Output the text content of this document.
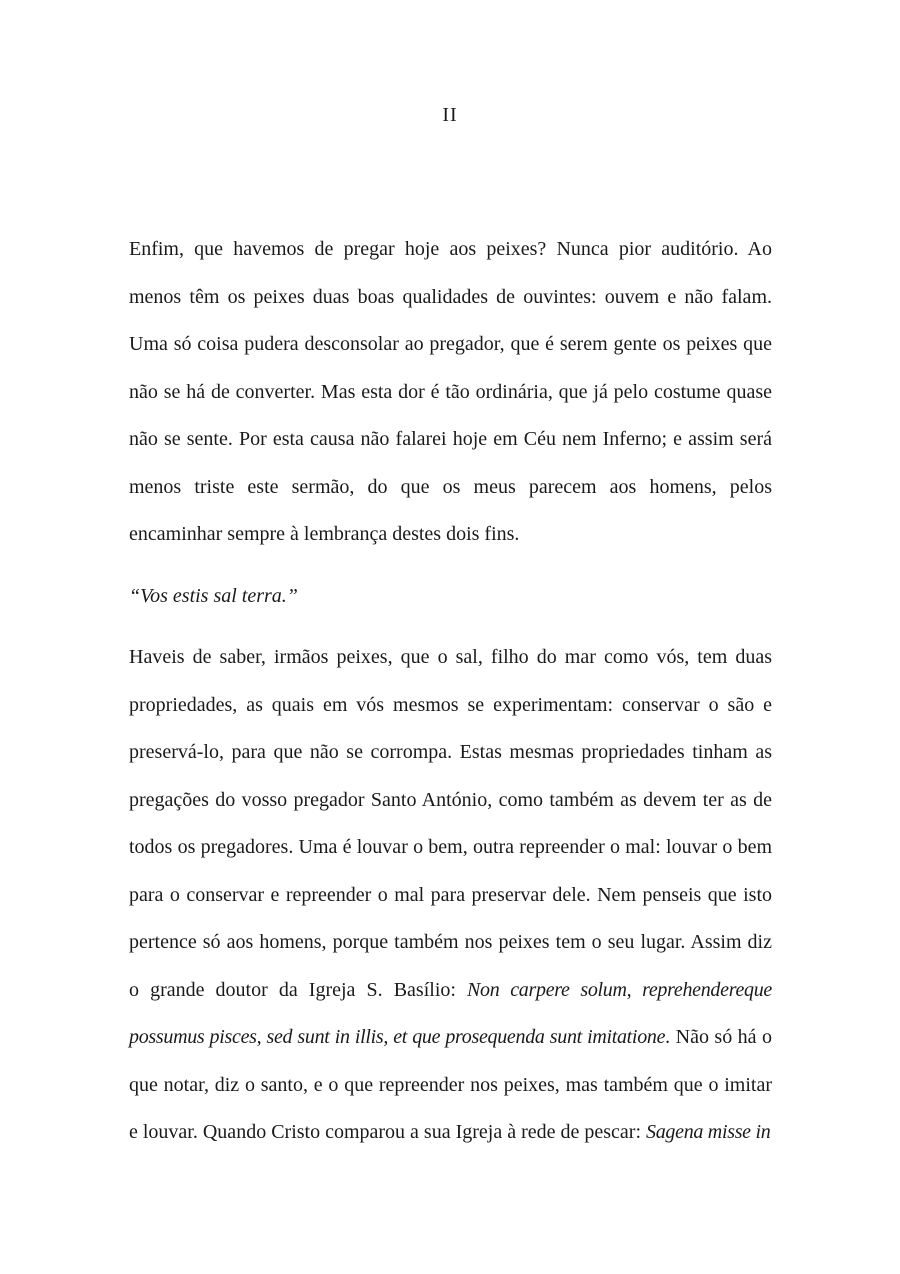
II

Enfim, que havemos de pregar hoje aos peixes? Nunca pior auditório. Ao menos têm os peixes duas boas qualidades de ouvintes: ouvem e não falam. Uma só coisa pudera desconsolar ao pregador, que é serem gente os peixes que não se há de converter. Mas esta dor é tão ordinária, que já pelo costume quase não se sente. Por esta causa não falarei hoje em Céu nem Inferno; e assim será menos triste este sermão, do que os meus parecem aos homens, pelos encaminhar sempre à lembrança destes dois fins.

“Vos estis sal terra.”

Haveis de saber, irmãos peixes, que o sal, filho do mar como vós, tem duas propriedades, as quais em vós mesmos se experimentam: conservar o são e preservá-lo, para que não se corrompa. Estas mesmas propriedades tinham as pregações do vosso pregador Santo António, como também as devem ter as de todos os pregadores. Uma é louvar o bem, outra repreender o mal: louvar o bem para o conservar e repreender o mal para preservar dele. Nem penseis que isto pertence só aos homens, porque também nos peixes tem o seu lugar. Assim diz o grande doutor da Igreja S. Basílio: Non carpere solum, reprehendereque possumus pisces, sed sunt in illis, et que prosequenda sunt imitatione. Não só há o que notar, diz o santo, e o que repreender nos peixes, mas também que o imitar e louvar. Quando Cristo comparou a sua Igreja à rede de pescar: Sagena misse in
